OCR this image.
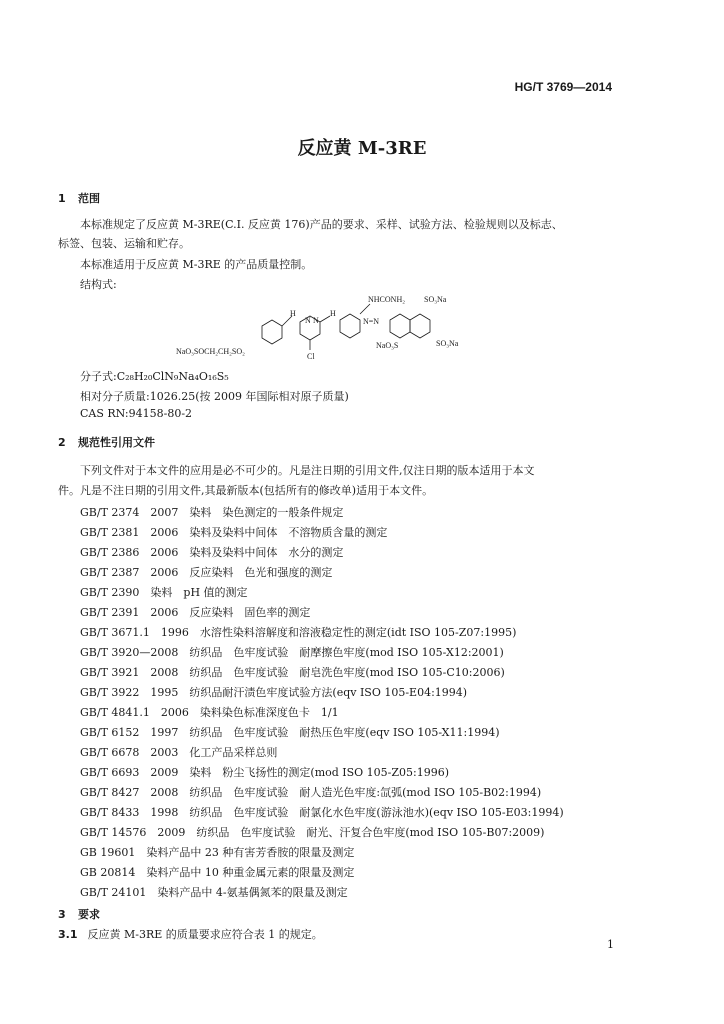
HG/T 3769—2014
反应黄 M-3RE
1 范围
本标准规定了反应黄 M-3RE(C.I. 反应黄 176)产品的要求、采样、试验方法、检验规则以及标志、
标签、包装、运输和贮存。
本标准适用于反应黄 M-3RE 的产品质量控制。
结构式:
H
N N
Cl
H
NHCONH₂
N=N
SO₃Na
NaO₃S	SO₃Na
NaO₃SOCH₂CH₂SO₂
分子式:C₂₈H₂₀ClN₉Na₄O₁₆S₅
相对分子质量:1026.25(按 2009 年国际相对原子质量)
CAS RN:94158-80-2
2 规范性引用文件
下列文件对于本文件的应用是必不可少的。凡是注日期的引用文件,仅注日期的版本适用于本文
件。凡是不注日期的引用文件,其最新版本(包括所有的修改单)适用于本文件。
GB/T 2374　2007　染料　染色测定的一般条件规定
GB/T 2381　2006　染料及染料中间体　不溶物质含量的测定
GB/T 2386　2006　染料及染料中间体　水分的测定
GB/T 2387　2006　反应染料　色光和强度的测定
GB/T 2390　染料　pH 值的测定
GB/T 2391　2006　反应染料　固色率的测定
GB/T 3671.1　1996　水溶性染料溶解度和溶液稳定性的测定(idt ISO 105-Z07:1995)
GB/T 3920—2008　纺织品　色牢度试验　耐摩擦色牢度(mod ISO 105-X12:2001)
GB/T 3921　2008　纺织品　色牢度试验　耐皂洗色牢度(mod ISO 105-C10:2006)
GB/T 3922　1995　纺织品耐汗渍色牢度试验方法(eqv ISO 105-E04:1994)
GB/T 4841.1　2006　染料染色标准深度色卡　1/1
GB/T 6152　1997　纺织品　色牢度试验　耐热压色牢度(eqv ISO 105-X11:1994)
GB/T 6678　2003　化工产品采样总则
GB/T 6693　2009　染料　粉尘飞扬性的测定(mod ISO 105-Z05:1996)
GB/T 8427　2008　纺织品　色牢度试验　耐人造光色牢度:氙弧(mod ISO 105-B02:1994)
GB/T 8433　1998　纺织品　色牢度试验　耐氯化水色牢度(游泳池水)(eqv ISO 105-E03:1994)
GB/T 14576　2009　纺织品　色牢度试验　耐光、汗复合色牢度(mod ISO 105-B07:2009)
GB 19601　染料产品中 23 种有害芳香胺的限量及测定
GB 20814　染料产品中 10 种重金属元素的限量及测定
GB/T 24101　染料产品中 4-氨基偶氮苯的限量及测定
3 要求
3.1 反应黄 M-3RE 的质量要求应符合表 1 的规定。
1
